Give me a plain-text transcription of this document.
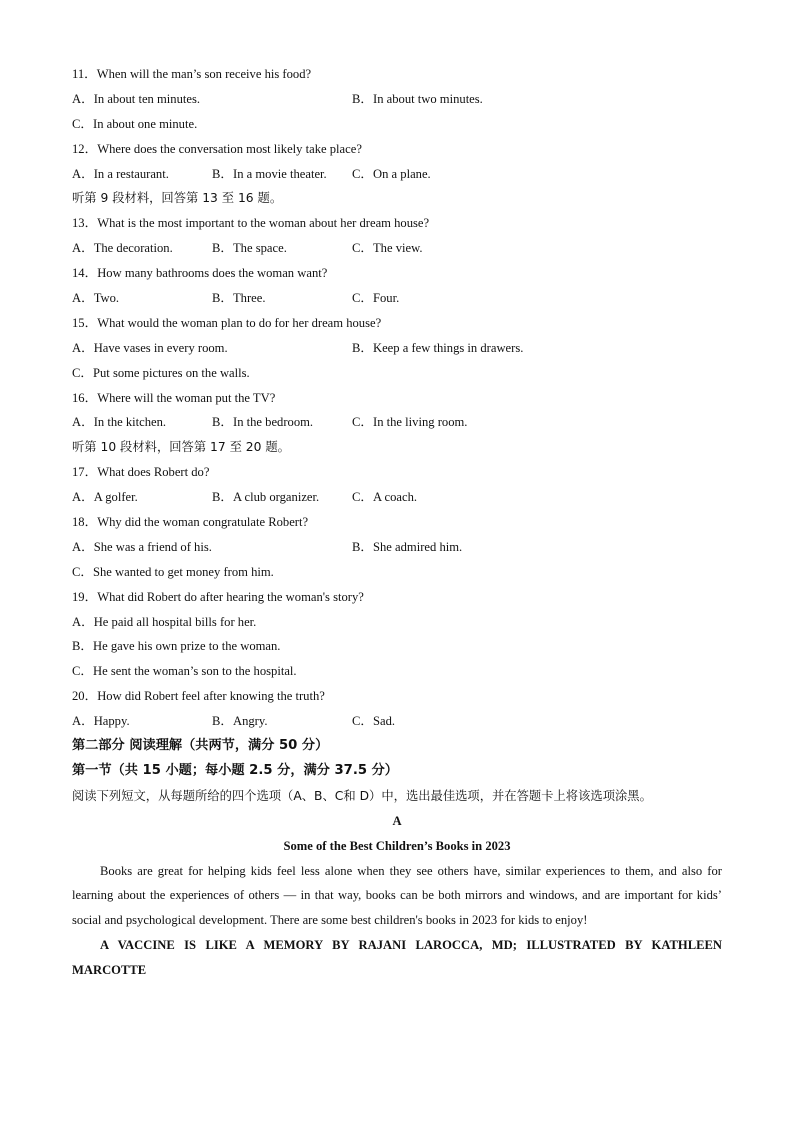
11．When will the man’s son receive his food?
A．In about ten minutes.	B．In about two minutes.
C．In about one minute.
12．Where does the conversation most likely take place?
A．In a restaurant.	B．In a movie theater. C．On a plane.
听第 9 段材料，回答第 13 至 16 题。
13．What is the most important to the woman about her dream house?
A．The decoration.	B．The space.	C．The view.
14．How many bathrooms does the woman want?
A．Two.	B．Three.	C．Four.
15．What would the woman plan to do for her dream house?
A．Have vases in every room.	B．Keep a few things in drawers.
C．Put some pictures on the walls.
16．Where will the woman put the TV?
A．In the kitchen.	B．In the bedroom.	C．In the living room.
听第 10 段材料，回答第 17 至 20 题。
17．What does Robert do?
A．A golfer.	B．A club organizer.	C．A coach.
18．Why did the woman congratulate Robert?
A．She was a friend of his.	B．She admired him.
C．She wanted to get money from him.
19．What did Robert do after hearing the woman's story?
A．He paid all hospital bills for her.
B．He gave his own prize to the woman.
C．He sent the woman’s son to the hospital.
20．How did Robert feel after knowing the truth?
A．Happy.	B．Angry.	C．Sad.
第二部分 阅读理解（共两节，满分 50 分）
第一节（共 15 小题；每小题 2.5 分，满分 37.5 分）
阅读下列短文，从每题所给的四个选项（A、B、C和 D）中，选出最佳选项，并在答题卡上将该选项涂黑。
A
Some of the Best Children’s Books in 2023
Books are great for helping kids feel less alone when they see others have, similar experiences to them, and also for learning about the experiences of others — in that way, books can be both mirrors and windows, and are important for kids’ social and psychological development. There are some best children's books in 2023 for kids to enjoy!
A VACCINE IS LIKE A MEMORY BY RAJANI LAROCCA, MD; ILLUSTRATED BY KATHLEEN MARCOTTE
